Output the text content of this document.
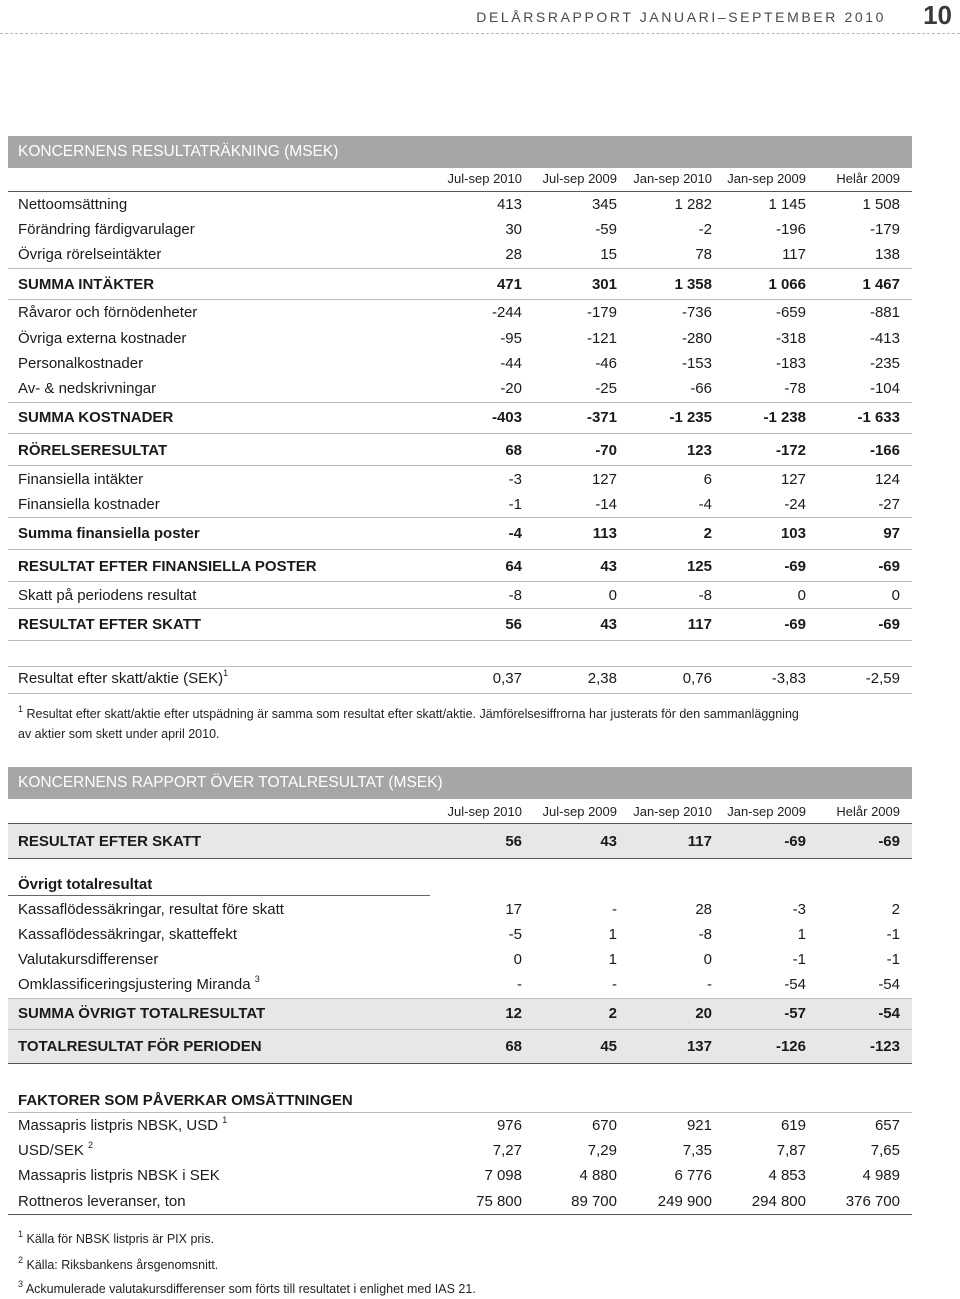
DELÅRSRAPPORT JANUARI–SEPTEMBER 2010 10
KONCERNENS RESULTATRÄKNING (MSEK)
Jul-sep 2010	Jul-sep 2009	Jan-sep 2010	Jan-sep 2009	Helår 2009
Nettoomsättning	413	345	1 282	1 145	1 508
Förändring färdigvarulager	30	-59	-2	-196	-179
Övriga rörelseintäkter	28	15	78	117	138
SUMMA INTÄKTER	471	301	1 358	1 066	1 467
Råvaror och förnödenheter	-244	-179	-736	-659	-881
Övriga externa kostnader	-95	-121	-280	-318	-413
Personalkostnader	-44	-46	-153	-183	-235
Av- & nedskrivningar	-20	-25	-66	-78	-104
SUMMA KOSTNADER	-403	-371	-1 235	-1 238	-1 633
RÖRELSERESULTAT	68	-70	123	-172	-166
Finansiella intäkter	-3	127	6	127	124
Finansiella kostnader	-1	-14	-4	-24	-27
Summa finansiella poster	-4	113	2	103	97
RESULTAT EFTER FINANSIELLA POSTER	64	43	125	-69	-69
Skatt på periodens resultat	-8	0	-8	0	0
RESULTAT EFTER SKATT	56	43	117	-69	-69
Resultat efter skatt/aktie (SEK)$^1$	0,37	2,38	0,76	-3,83	-2,59
$^1$ Resultat efter skatt/aktie efter utspädning är samma som resultat efter skatt/aktie. Jämförelsesiffrorna har justerats för den sammanläggning
av aktier som skett under april 2010.
KONCERNENS RAPPORT ÖVER TOTALRESULTAT (MSEK)
Jul-sep 2010	Jul-sep 2009	Jan-sep 2010	Jan-sep 2009	Helår 2009
RESULTAT EFTER SKATT	56	43	117	-69	-69
Övrigt totalresultat
Kassaflödessäkringar, resultat före skatt	17	-	28	-3	2
Kassaflödessäkringar, skatteffekt	-5	1	-8	1	-1
Valutakursdifferenser	0	1	0	-1	-1
Omklassificeringsjustering Miranda $^3$	-	-	-	-54	-54
SUMMA ÖVRIGT TOTALRESULTAT	12	2	20	-57	-54
TOTALRESULTAT FÖR PERIODEN	68	45	137	-126	-123
FAKTORER SOM PÅVERKAR OMSÄTTNINGEN
Massapris listpris NBSK, USD $^1$	976	670	921	619	657
USD/SEK $^2$	7,27	7,29	7,35	7,87	7,65
Massapris listpris NBSK i SEK	7 098	4 880	6 776	4 853	4 989
Rottneros leveranser, ton	75 800	89 700	249 900	294 800	376 700
$^1$ Källa för NBSK listpris är PIX pris.
$^2$ Källa: Riksbankens årsgenomsnitt.
$^3$ Ackumulerade valutakursdifferenser som förts till resultatet i enlighet med IAS 21.
